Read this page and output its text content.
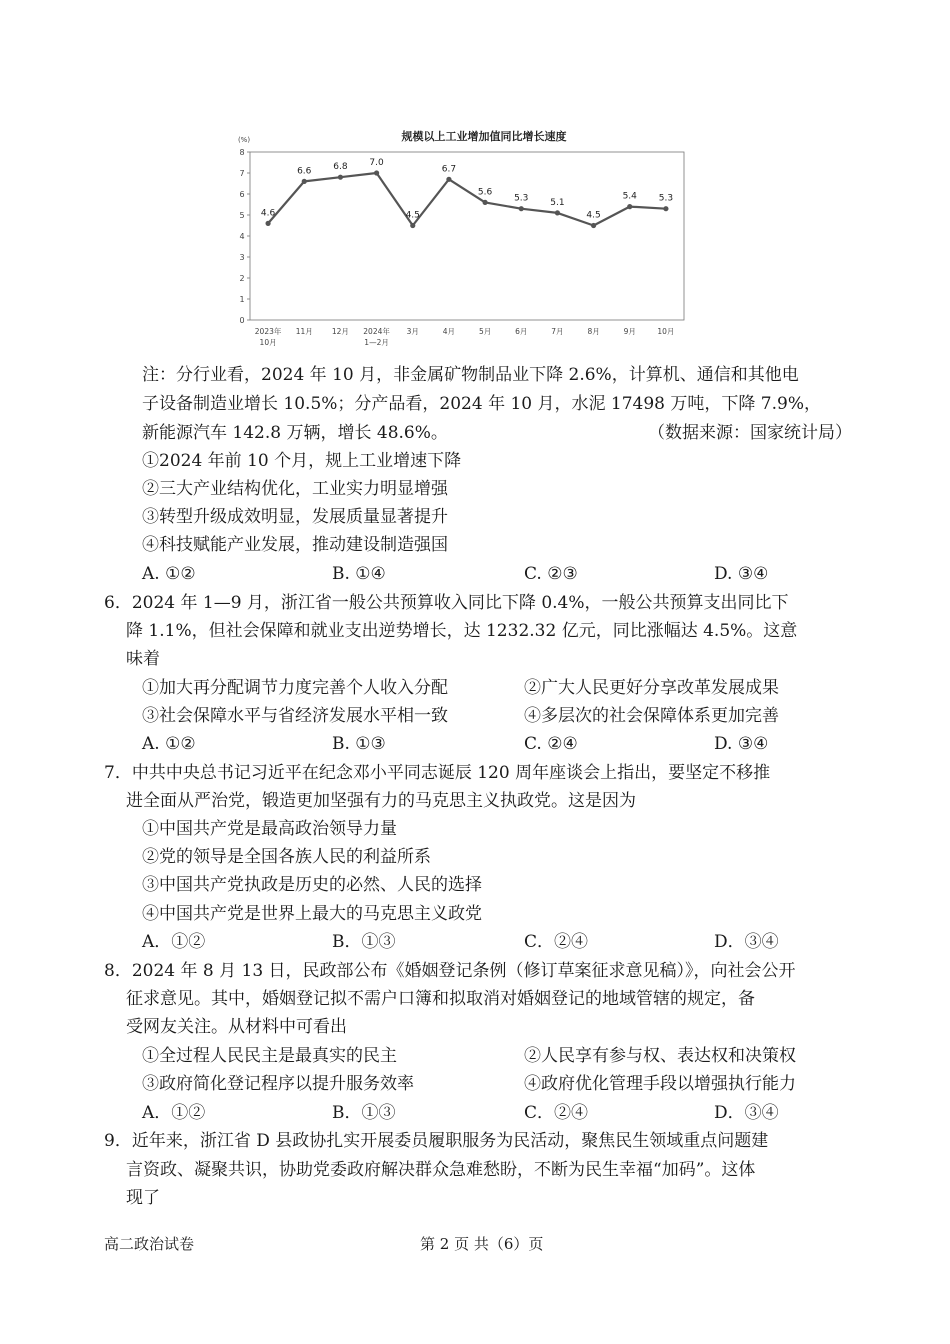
规模以上工业增加值同比增长速度
(%)
0
1
2
3
4
5
6
7
8
2023年
10月
11月	12月 2024年
1—2月
3月	4月	5月	6月	7月	8月	9月	10月
4.6
6.6 6.8 7.0
4.5
6.7
5.6
5.3 5.1
4.5
5.4 5.3
注：分行业看，2024 年 10 月，非金属矿物制品业下降 2.6%，计算机、通信和其他电
子设备制造业增长 10.5%；分产品看，2024 年 10 月，水泥 17498 万吨，下降 7.9%，
新能源汽车 142.8 万辆，增长 48.6%。	（数据来源：国家统计局）
①2024 年前 10 个月，规上工业增速下降
②三大产业结构优化，工业实力明显增强
③转型升级成效明显，发展质量显著提升
④科技赋能产业发展，推动建设制造强国
A. ①②	B. ①④	C. ②③	D. ③④
6．2024 年 1—9 月，浙江省一般公共预算收入同比下降 0.4%，一般公共预算支出同比下
降 1.1%，但社会保障和就业支出逆势增长，达 1232.32 亿元，同比涨幅达 4.5%。这意
味着
①加大再分配调节力度完善个人收入分配	②广大人民更好分享改革发展成果
③社会保障水平与省经济发展水平相一致	④多层次的社会保障体系更加完善
A. ①②	B. ①③	C. ②④	D. ③④
7．中共中央总书记习近平在纪念邓小平同志诞辰 120 周年座谈会上指出，要坚定不移推
进全面从严治党，锻造更加坚强有力的马克思主义执政党。这是因为
①中国共产党是最高政治领导力量
②党的领导是全国各族人民的利益所系
③中国共产党执政是历史的必然、人民的选择
④中国共产党是世界上最大的马克思主义政党
A．①②	B．①③	C．②④	D．③④
8．2024 年 8 月 13 日，民政部公布《婚姻登记条例（修订草案征求意见稿）》，向社会公开
征求意见。其中，婚姻登记拟不需户口簿和拟取消对婚姻登记的地域管辖的规定，备
受网友关注。从材料中可看出
①全过程人民民主是最真实的民主	②人民享有参与权、表达权和决策权
③政府简化登记程序以提升服务效率	④政府优化管理手段以增强执行能力
A．①②	B．①③	C．②④	D．③④
9．近年来，浙江省 D 县政协扎实开展委员履职服务为民活动，聚焦民生领域重点问题建
言资政、凝聚共识，协助党委政府解决群众急难愁盼，不断为民生幸福“加码”。这体
现了
高二政治试卷	第 2 页 共（6）页
